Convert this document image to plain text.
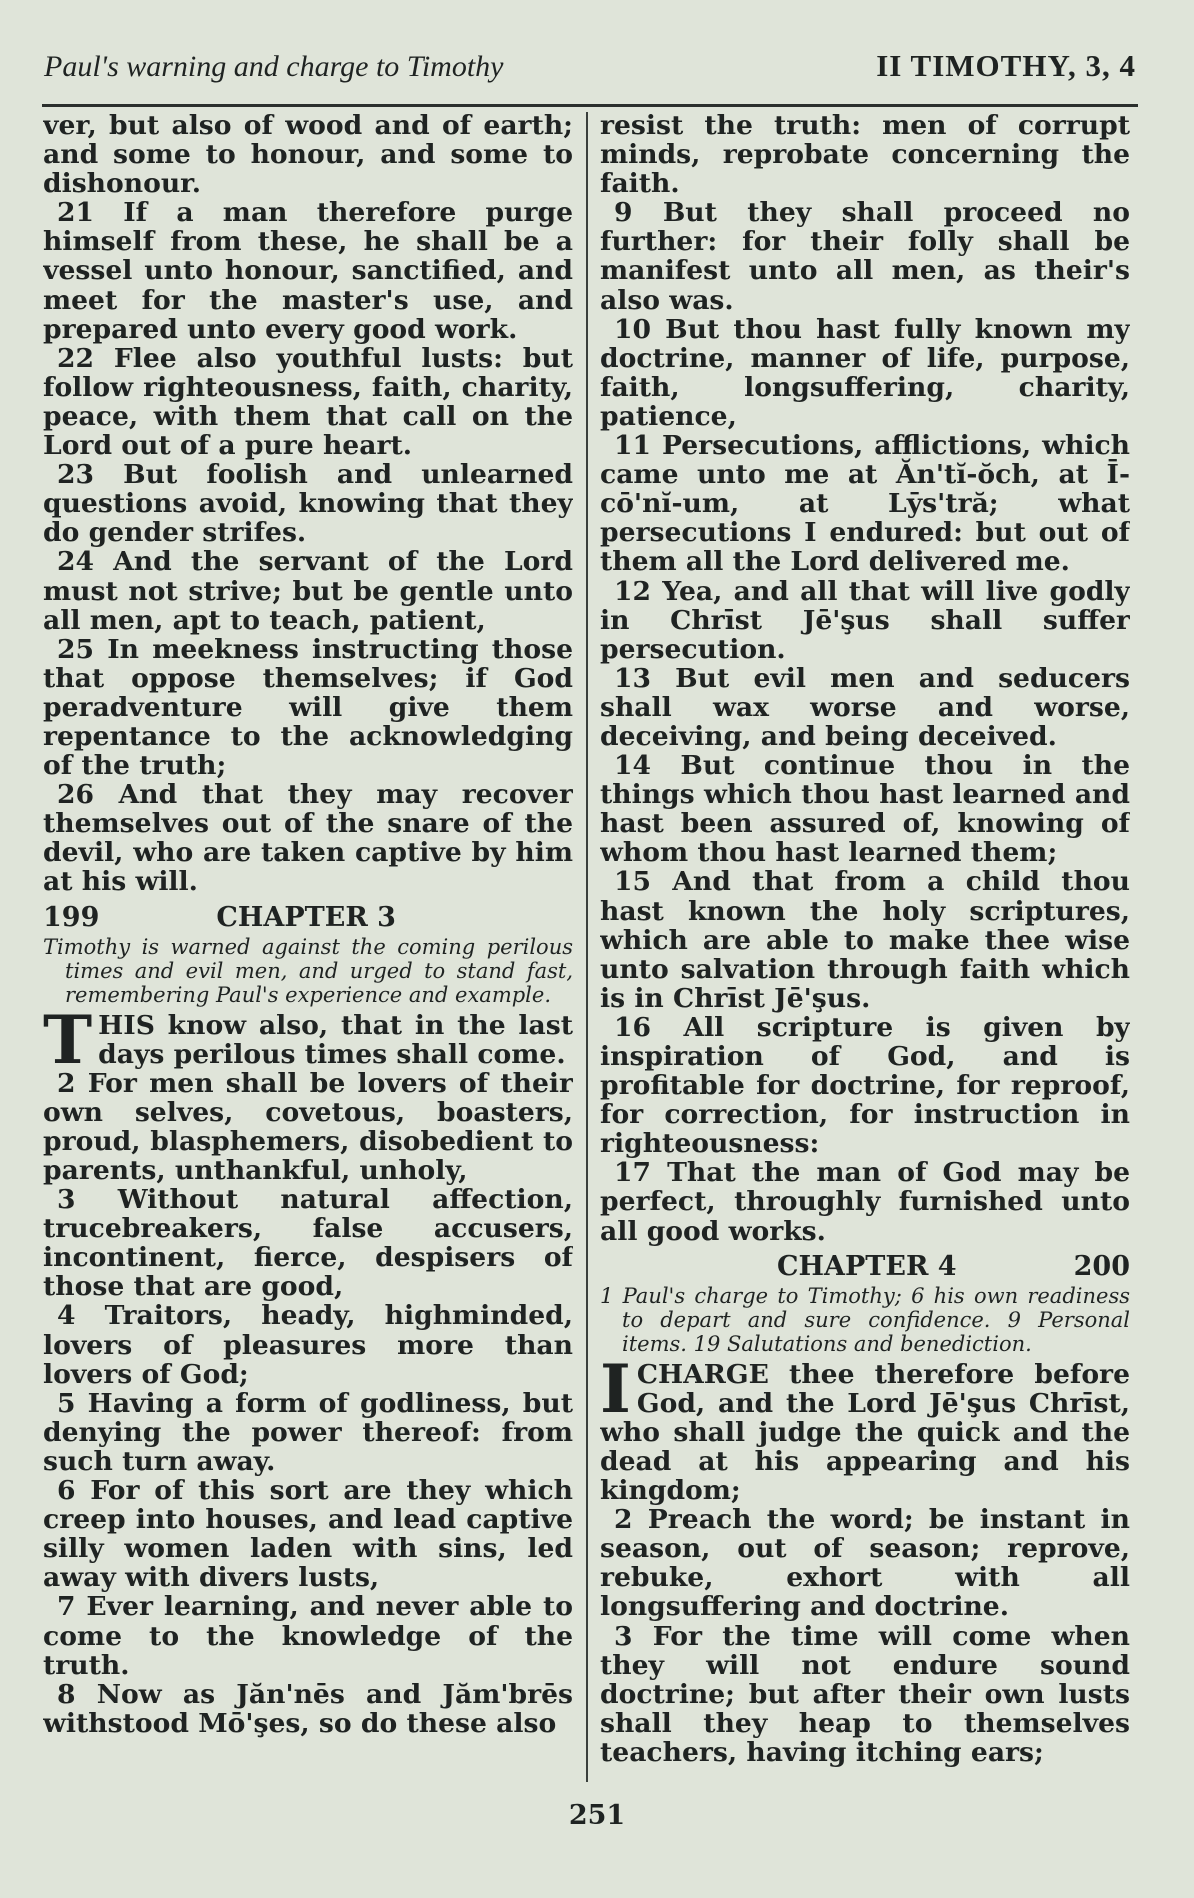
Paul's warning and charge to Timothy	II TIMOTHY, 3, 4

ver, but also of wood and of earth; and some to honour, and some to dishonour.

21 If a man therefore purge himself from these, he shall be a vessel unto honour, sanctified, and meet for the master's use, and prepared unto every good work.

22 Flee also youthful lusts: but follow righteousness, faith, charity, peace, with them that call on the Lord out of a pure heart.

23 But foolish and unlearned questions avoid, knowing that they do gender strifes.

24 And the servant of the Lord must not strive; but be gentle unto all men, apt to teach, patient,

25 In meekness instructing those that oppose themselves; if God peradventure will give them repentance to the acknowledging of the truth;

26 And that they may recover themselves out of the snare of the devil, who are taken captive by him at his will.

199	CHAPTER 3
Timothy is warned against the coming perilous times and evil men, and urged to stand fast, remembering Paul's experience and example.

THIS know also, that in the last days perilous times shall come.

2 For men shall be lovers of their own selves, covetous, boasters, proud, blasphemers, disobedient to parents, unthankful, unholy,

3 Without natural affection, trucebreakers, false accusers, incontinent, fierce, despisers of those that are good,

4 Traitors, heady, highminded, lovers of pleasures more than lovers of God;

5 Having a form of godliness, but denying the power thereof: from such turn away.

6 For of this sort are they which creep into houses, and lead captive silly women laden with sins, led away with divers lusts,

7 Ever learning, and never able to come to the knowledge of the truth.

8 Now as Jăn'nēs and Jăm'brēs withstood Mō'şes, so do these also

resist the truth: men of corrupt minds, reprobate concerning the faith.

9 But they shall proceed no further: for their folly shall be manifest unto all men, as their's also was.

10 But thou hast fully known my doctrine, manner of life, purpose, faith, longsuffering, charity, patience,

11 Persecutions, afflictions, which came unto me at Ăn'tĭ-ŏch, at Ī-cō'nĭ-um, at Lȳs'tră; what persecutions I endured: but out of them all the Lord delivered me.

12 Yea, and all that will live godly in Chrīst Jē'şus shall suffer persecution.

13 But evil men and seducers shall wax worse and worse, deceiving, and being deceived.

14 But continue thou in the things which thou hast learned and hast been assured of, knowing of whom thou hast learned them;

15 And that from a child thou hast known the holy scriptures, which are able to make thee wise unto salvation through faith which is in Chrīst Jē'şus.

16 All scripture is given by inspiration of God, and is profitable for doctrine, for reproof, for correction, for instruction in righteousness:

17 That the man of God may be perfect, throughly furnished unto all good works.

CHAPTER 4	200
1 Paul's charge to Timothy; 6 his own readiness to depart and sure confidence. 9 Personal items. 19 Salutations and benediction.

ICHARGE thee therefore before God, and the Lord Jē'şus Chrīst, who shall judge the quick and the dead at his appearing and his kingdom;

2 Preach the word; be instant in season, out of season; reprove, rebuke, exhort with all longsuffering and doctrine.

3 For the time will come when they will not endure sound doctrine; but after their own lusts shall they heap to themselves teachers, having itching ears;

251
